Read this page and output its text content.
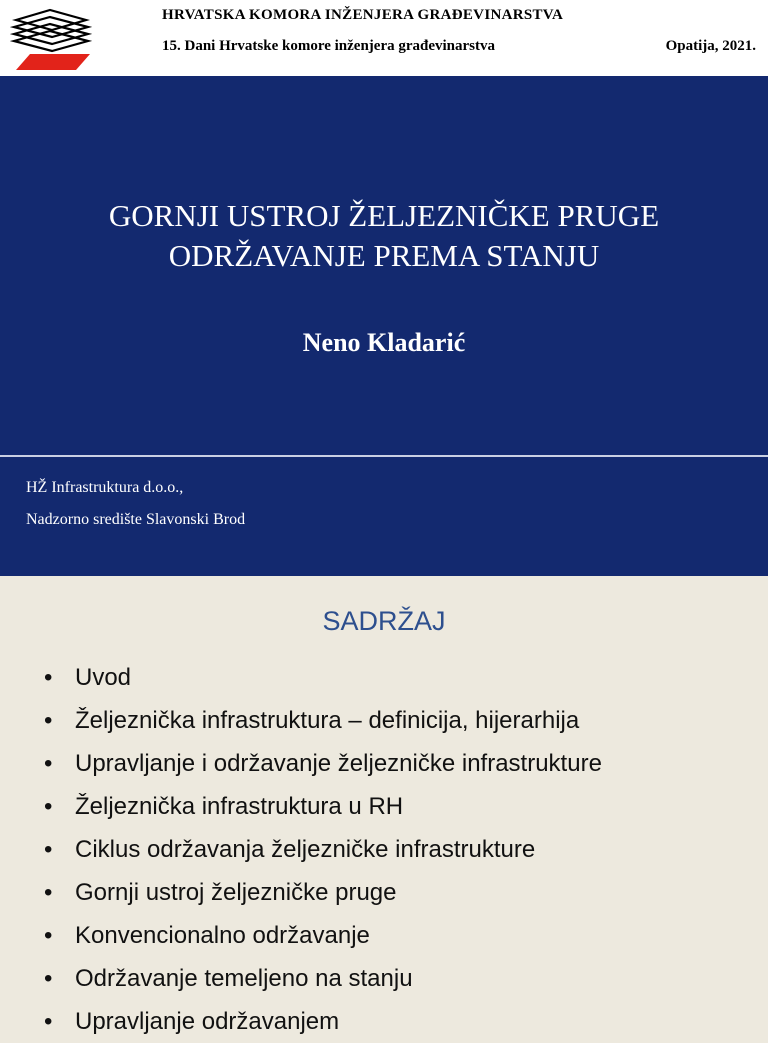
HRVATSKA KOMORA INŽENJERA GRAĐEVINARSTVA
15. Dani Hrvatske komore inženjera građevinarstva	Opatija, 2021.
GORNJI USTROJ ŽELJEZNIČKE PRUGE
ODRŽAVANJE PREMA STANJU
Neno Kladarić
HŽ Infrastruktura d.o.o.,
Nadzorno središte Slavonski Brod
SADRŽAJ
• Uvod
• Željeznička infrastruktura – definicija, hijerarhija
• Upravljanje i održavanje željezničke infrastrukture
• Željeznička infrastruktura u RH
• Ciklus održavanja željezničke infrastrukture
• Gornji ustroj željezničke pruge
• Konvencionalno održavanje
• Održavanje temeljeno na stanju
• Upravljanje održavanjem
